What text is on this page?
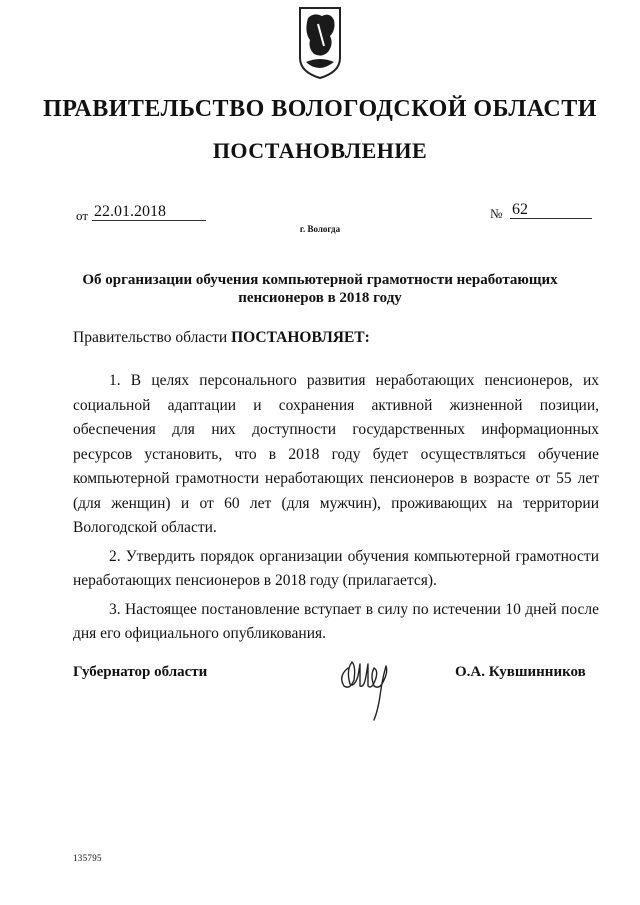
ПРАВИТЕЛЬСТВО ВОЛОГОДСКОЙ ОБЛАСТИ
ПОСТАНОВЛЕНИЕ
от 22.01.2018	№ 62
г. Вологда
Об организации обучения компьютерной грамотности неработающих пенсионеров в 2018 году
Правительство области ПОСТАНОВЛЯЕТ:

1. В целях персонального развития неработающих пенсионеров, их социальной адаптации и сохранения активной жизненной позиции, обеспечения для них доступности государственных информационных ресурсов установить, что в 2018 году будет осуществляться обучение компьютерной грамотности неработающих пенсионеров в возрасте от 55 лет (для женщин) и от 60 лет (для мужчин), проживающих на территории Вологодской области.

2. Утвердить порядок организации обучения компьютерной грамотности неработающих пенсионеров в 2018 году (прилагается).

3. Настоящее постановление вступает в силу по истечении 10 дней после дня его официального опубликования.

Губернатор области	О.А. Кувшинников
135795
